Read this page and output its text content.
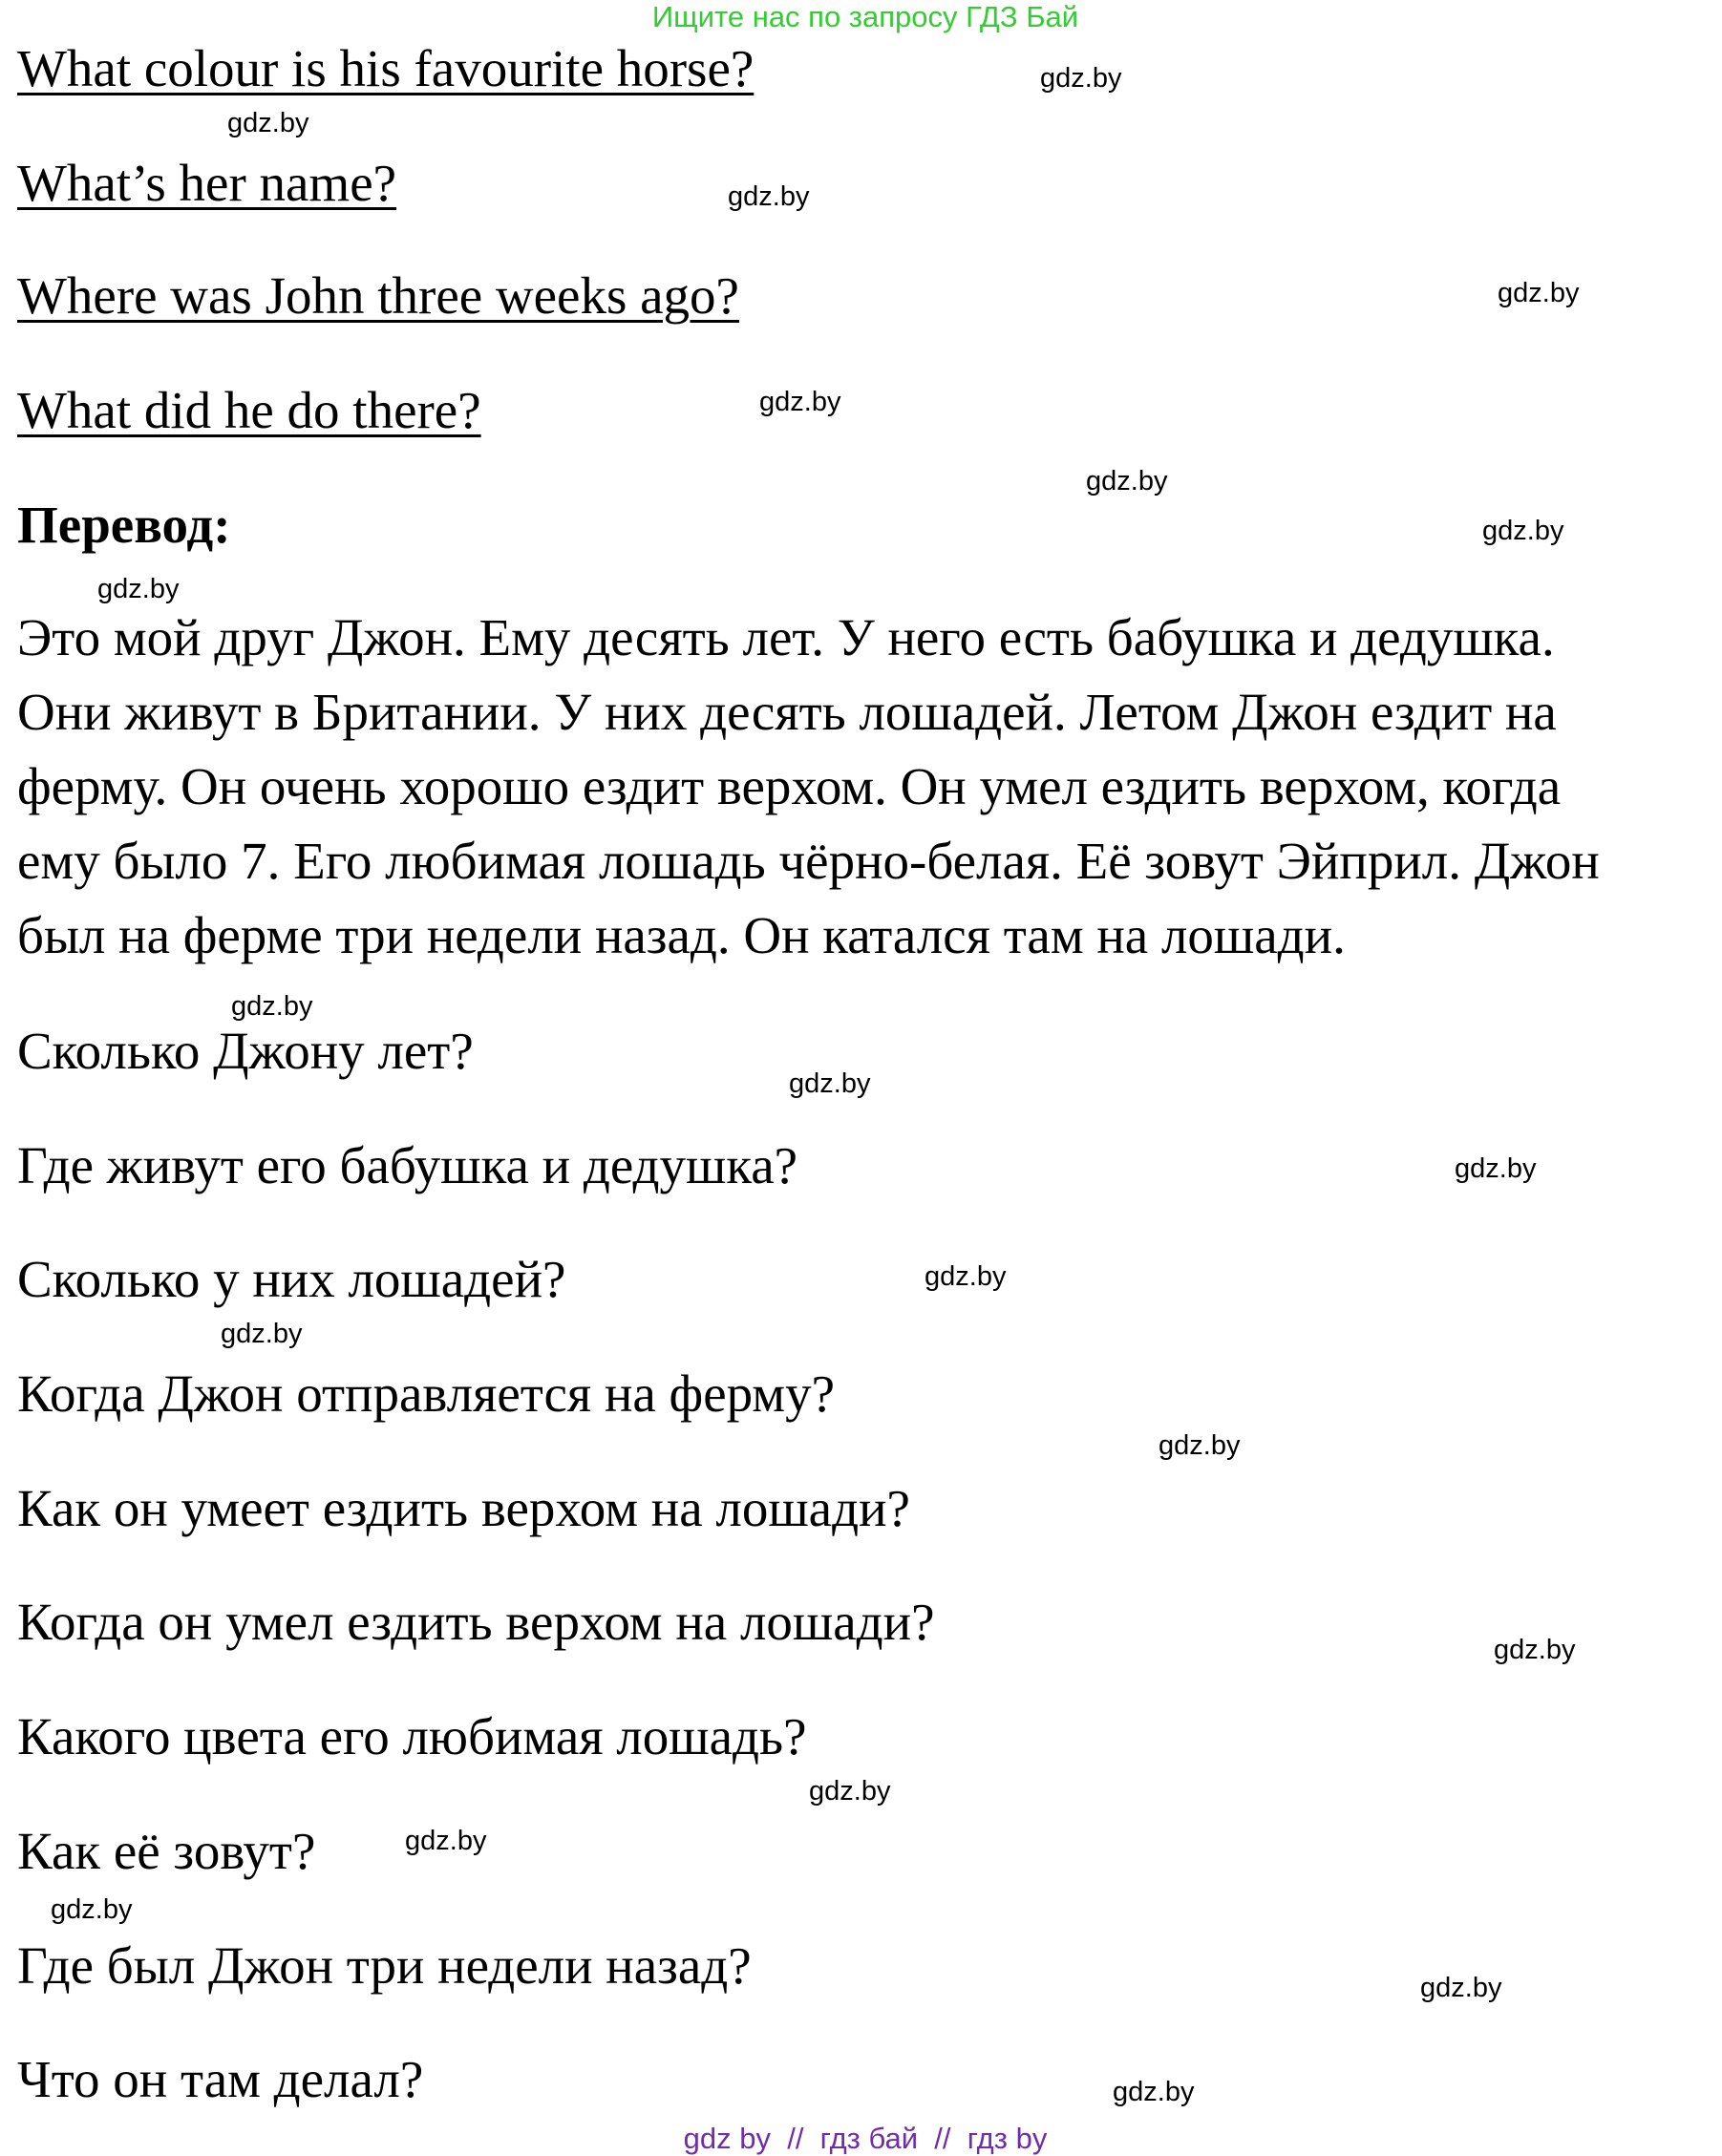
Ищите нас по запросу ГДЗ Бай
What colour is his favourite horse?
What’s her name?
Where was John three weeks ago?
What did he do there?
Перевод:
Это мой друг Джон. Ему десять лет. У него есть бабушка и дедушка.
Они живут в Британии. У них десять лошадей. Летом Джон ездит на
ферму. Он очень хорошо ездит верхом. Он умел ездить верхом, когда
ему было 7. Его любимая лошадь чёрно-белая. Её зовут Эйприл. Джон
был на ферме три недели назад. Он катался там на лошади.
Сколько Джону лет?
Где живут его бабушка и дедушка?
Сколько у них лошадей?
Когда Джон отправляется на ферму?
Как он умеет ездить верхом на лошади?
Когда он умел ездить верхом на лошади?
Какого цвета его любимая лошадь?
Как её зовут?
Где был Джон три недели назад?
Что он там делал?
gdz.by
gdz.by
gdz.by
gdz.by
gdz.by
gdz.by
gdz.by
gdz.by
gdz.by
gdz.by
gdz.by
gdz.by
gdz.by
gdz.by
gdz.by
gdz.by
gdz.by
gdz.by
gdz.by
gdz.by
gdz by  //  гдз бай  //  гдз by
